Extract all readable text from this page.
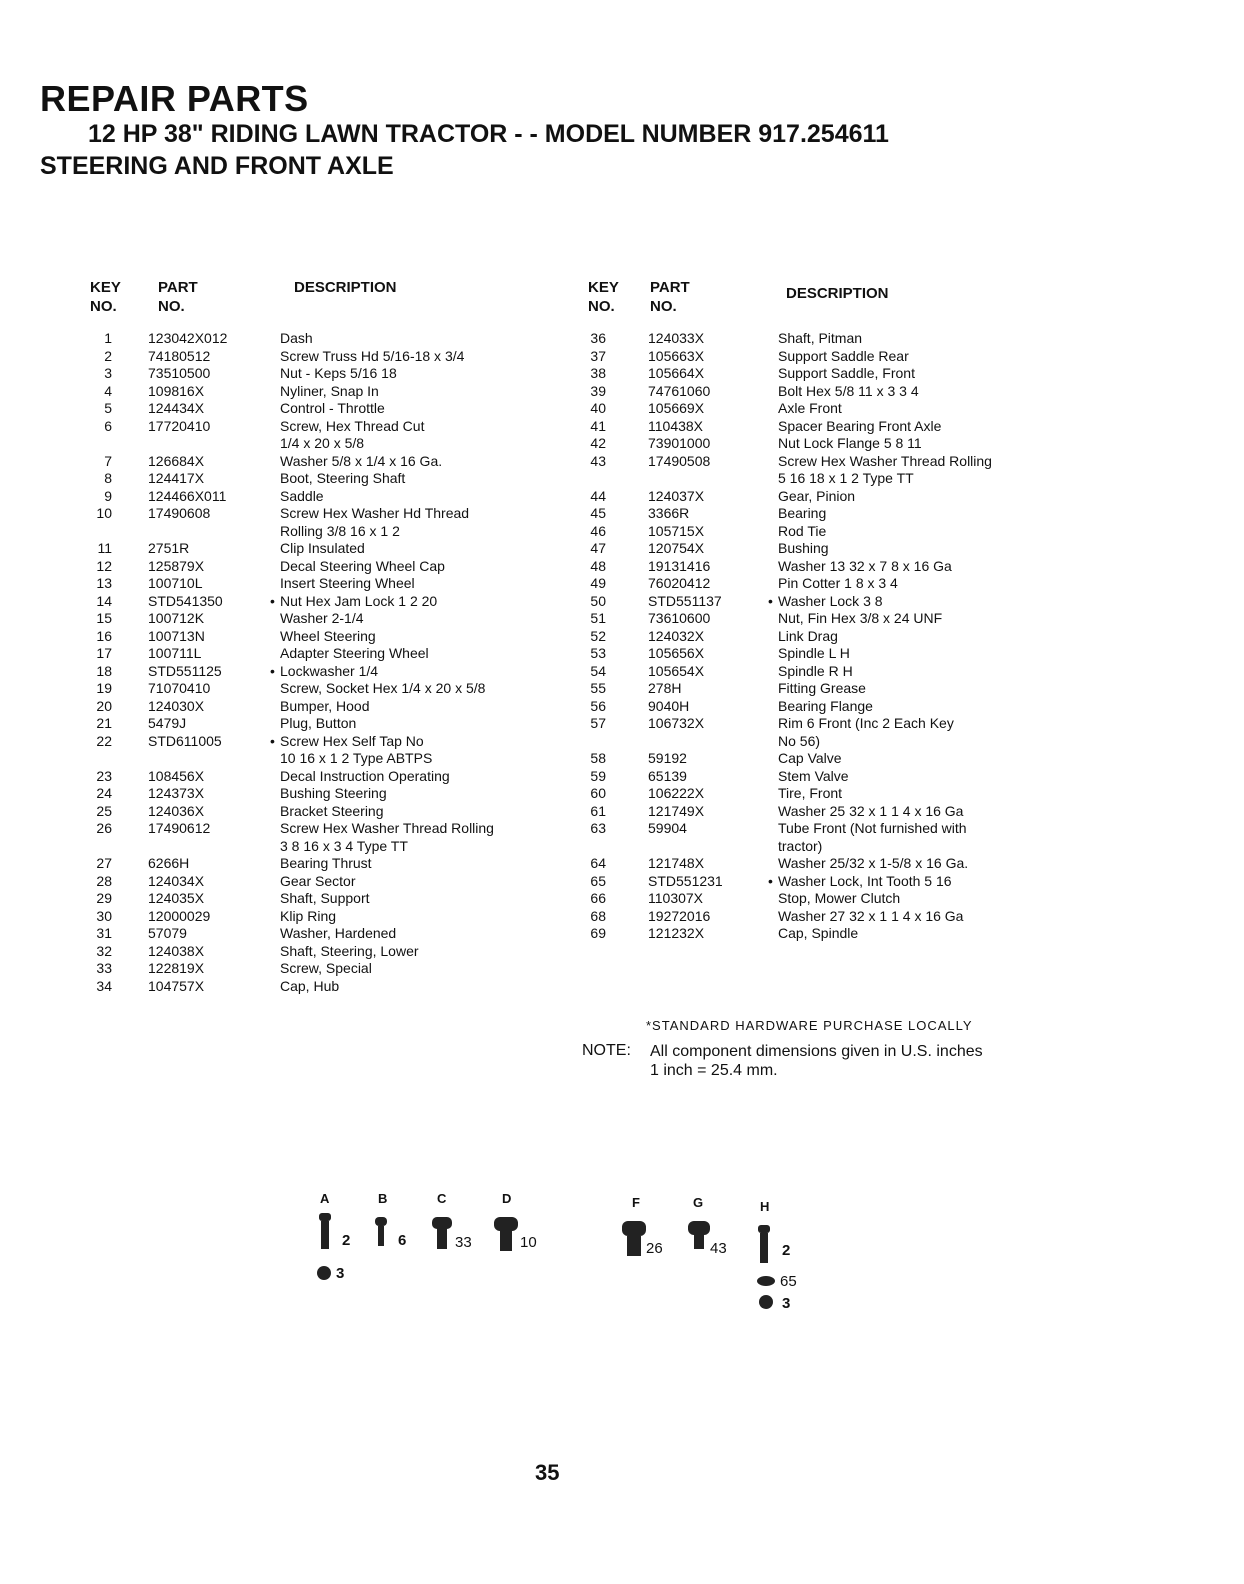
REPAIR PARTS
12 HP 38" RIDING LAWN TRACTOR - - MODEL NUMBER 917.254611
STEERING AND FRONT AXLE
KEY
NO.
PART
NO.
DESCRIPTION
1	123042X012	Dash
2	74180512	Screw Truss Hd 5/16-18 x 3/4
3	73510500	Nut - Keps 5/16 18
4	109816X	Nyliner, Snap In
5	124434X	Control - Throttle
6	17720410	Screw, Hex Thread Cut
1/4 x 20 x 5/8
7	126684X	Washer 5/8 x 1/4 x 16 Ga.
8	124417X	Boot, Steering Shaft
9	124466X011	Saddle
10	17490608	Screw Hex Washer Hd Thread
Rolling 3/8 16 x 1 2
11	2751R	Clip Insulated
12	125879X	Decal Steering Wheel Cap
13	100710L	Insert Steering Wheel
14	STD541350	• Nut Hex Jam Lock 1 2 20
15	100712K	Washer 2-1/4
16	100713N	Wheel Steering
17	100711L	Adapter Steering Wheel
18	STD551125	• Lockwasher 1/4
19	71070410	Screw, Socket Hex 1/4 x 20 x 5/8
20	124030X	Bumper, Hood
21	5479J	Plug, Button
22	STD611005	• Screw Hex Self Tap No
10 16 x 1 2 Type ABTPS
23	108456X	Decal Instruction Operating
24	124373X	Bushing Steering
25	124036X	Bracket Steering
26	17490612	Screw Hex Washer Thread Rolling
3 8 16 x 3 4 Type TT
27	6266H	Bearing Thrust
28	124034X	Gear Sector
29	124035X	Shaft, Support
30	12000029	Klip Ring
31	57079	Washer, Hardened
32	124038X	Shaft, Steering, Lower
33	122819X	Screw, Special
34	104757X	Cap, Hub
KEY
NO.
PART
NO.
DESCRIPTION
36	124033X	Shaft, Pitman
37	105663X	Support Saddle Rear
38	105664X	Support Saddle, Front
39	74761060	Bolt Hex 5/8 11 x 3 3 4
40	105669X	Axle Front
41	110438X	Spacer Bearing Front Axle
42	73901000	Nut Lock Flange 5 8 11
43	17490508	Screw Hex Washer Thread Rolling
5 16 18 x 1 2 Type TT
44	124037X	Gear, Pinion
45	3366R	Bearing
46	105715X	Rod Tie
47	120754X	Bushing
48	19131416	Washer 13 32 x 7 8 x 16 Ga
49	76020412	Pin Cotter 1 8 x 3 4
50	STD551137	• Washer Lock 3 8
51	73610600	Nut, Fin Hex 3/8 x 24 UNF
52	124032X	Link Drag
53	105656X	Spindle L H
54	105654X	Spindle R H
55	278H	Fitting Grease
56	9040H	Bearing Flange
57	106732X	Rim 6 Front (Inc 2 Each Key
No 56)
58	59192	Cap Valve
59	65139	Stem Valve
60	106222X	Tire, Front
61	121749X	Washer 25 32 x 1 1 4 x 16 Ga
63	59904	Tube Front (Not furnished with
tractor)
64	121748X	Washer 25/32 x 1-5/8 x 16 Ga.
65	STD551231	• Washer Lock, Int Tooth 5 16
66	110307X	Stop, Mower Clutch
68	19272016	Washer 27 32 x 1 1 4 x 16 Ga
69	121232X	Cap, Spindle
*STANDARD HARDWARE PURCHASE LOCALLY
NOTE: All component dimensions given in U.S. inches
1 inch = 25.4 mm.
A
2
3
B
6
C
33
D
10
F
26
G
43
H
2
65
3
35
